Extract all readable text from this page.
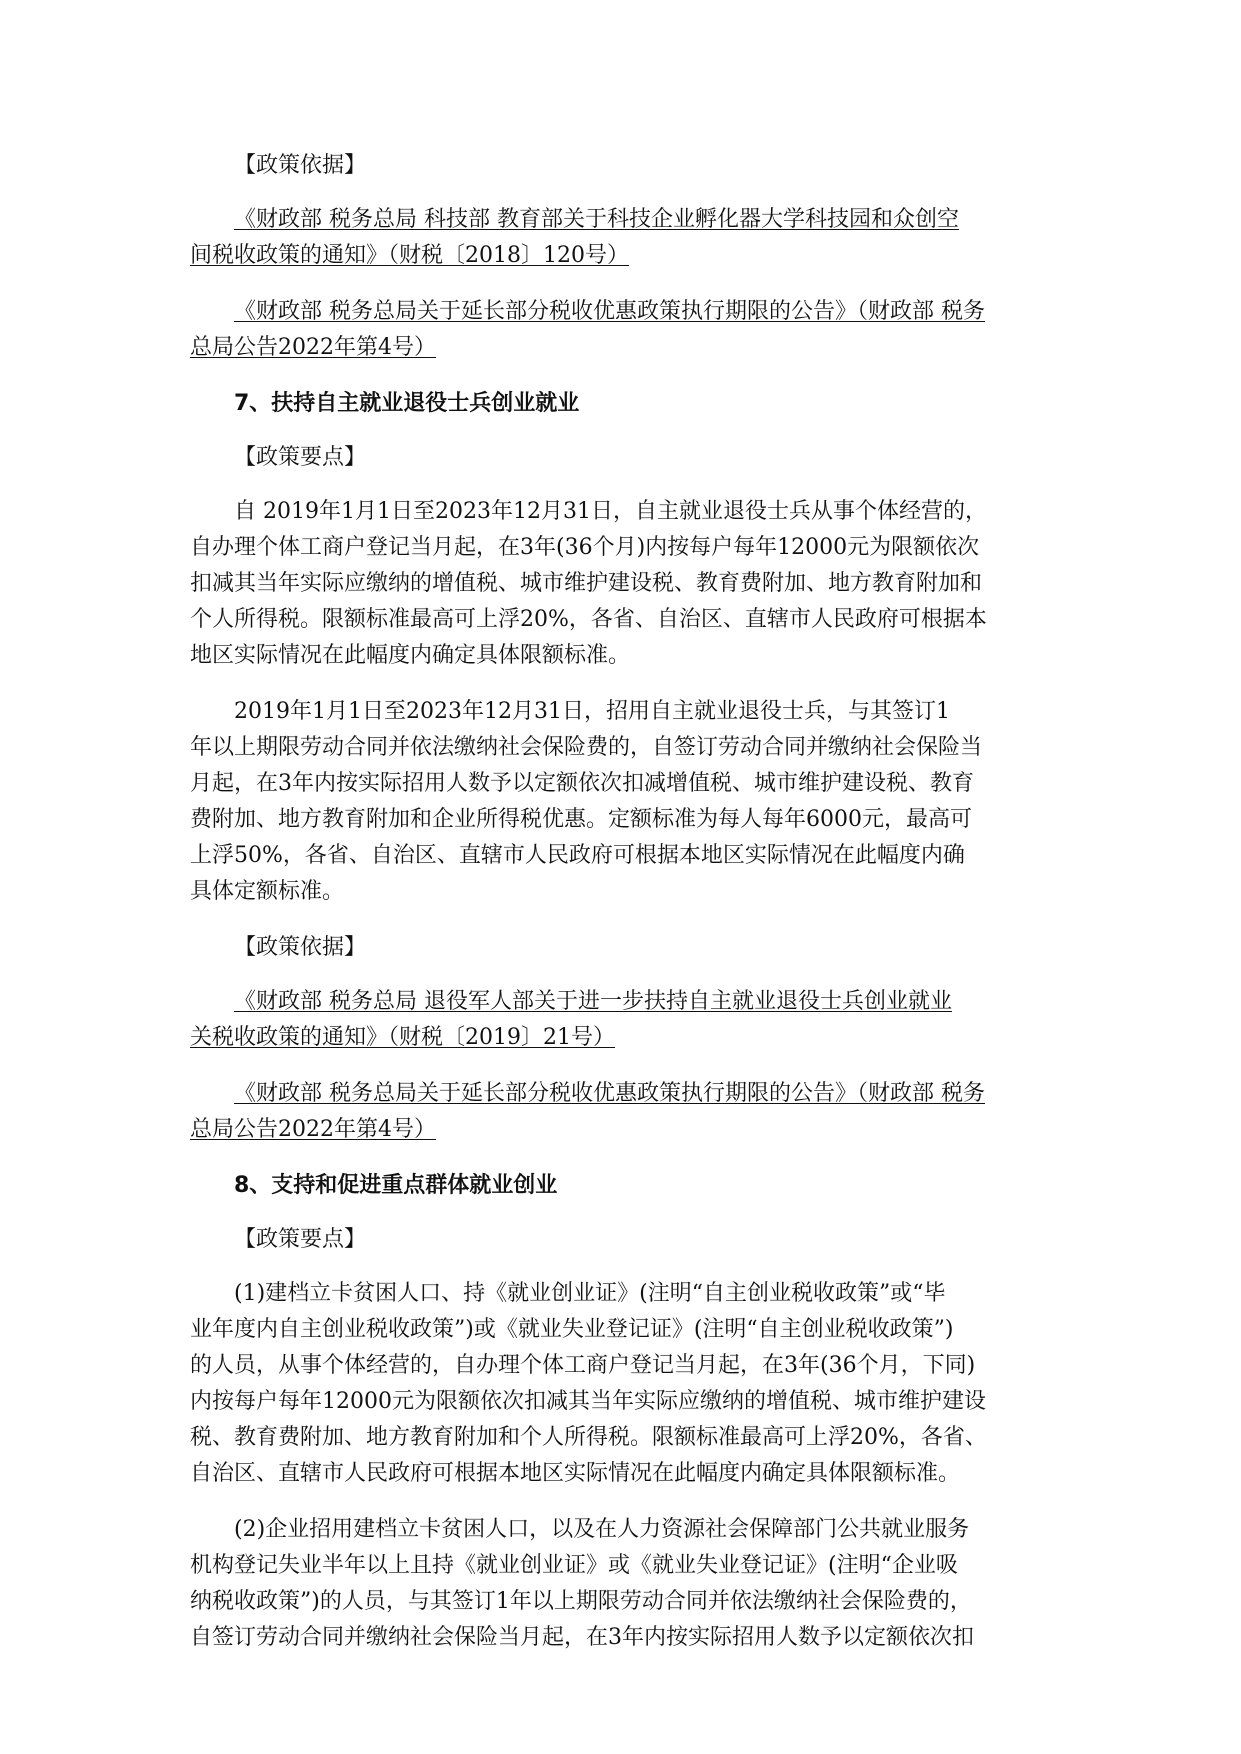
【政策依据】
《财政部 税务总局 科技部 教育部关于科技企业孵化器大学科技园和众创空
间税收政策的通知》（财税〔2018〕120号）
《财政部 税务总局关于延长部分税收优惠政策执行期限的公告》（财政部 税务
总局公告2022年第4号）
7、扶持自主就业退役士兵创业就业
【政策要点】
自 2019年1月1日至2023年12月31日，自主就业退役士兵从事个体经营的，
自办理个体工商户登记当月起，在3年(36个月)内按每户每年12000元为限额依次
扣减其当年实际应缴纳的增值税、城市维护建设税、教育费附加、地方教育附加和
个人所得税。限额标准最高可上浮20%，各省、自治区、直辖市人民政府可根据本
地区实际情况在此幅度内确定具体限额标准。
2019年1月1日至2023年12月31日，招用自主就业退役士兵，与其签订1
年以上期限劳动合同并依法缴纳社会保险费的，自签订劳动合同并缴纳社会保险当
月起，在3年内按实际招用人数予以定额依次扣减增值税、城市维护建设税、教育
费附加、地方教育附加和企业所得税优惠。定额标准为每人每年6000元，最高可
上浮50%，各省、自治区、直辖市人民政府可根据本地区实际情况在此幅度内确
具体定额标准。
【政策依据】
《财政部 税务总局 退役军人部关于进一步扶持自主就业退役士兵创业就业
关税收政策的通知》（财税〔2019〕21号）
《财政部 税务总局关于延长部分税收优惠政策执行期限的公告》（财政部 税务
总局公告2022年第4号）
8、支持和促进重点群体就业创业
【政策要点】
(1)建档立卡贫困人口、持《就业创业证》(注明“自主创业税收政策”或“毕
业年度内自主创业税收政策”)或《就业失业登记证》(注明“自主创业税收政策”)
的人员，从事个体经营的，自办理个体工商户登记当月起，在3年(36个月，下同)
内按每户每年12000元为限额依次扣减其当年实际应缴纳的增值税、城市维护建设
税、教育费附加、地方教育附加和个人所得税。限额标准最高可上浮20%，各省、
自治区、直辖市人民政府可根据本地区实际情况在此幅度内确定具体限额标准。
(2)企业招用建档立卡贫困人口，以及在人力资源社会保障部门公共就业服务
机构登记失业半年以上且持《就业创业证》或《就业失业登记证》(注明“企业吸
纳税收政策”)的人员，与其签订1年以上期限劳动合同并依法缴纳社会保险费的，
自签订劳动合同并缴纳社会保险当月起，在3年内按实际招用人数予以定额依次扣
